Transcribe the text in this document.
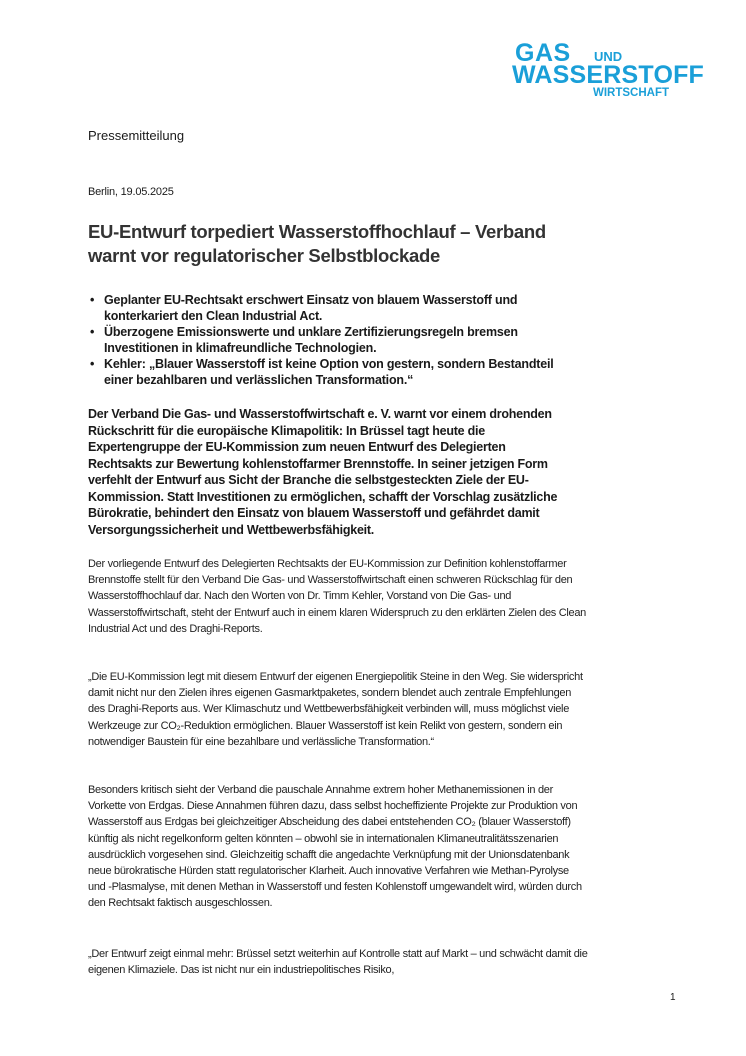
GAS UND
WASSERSTOFF
WIRTSCHAFT
Pressemitteilung
Berlin, 19.05.2025
EU-Entwurf torpediert Wasserstoffhochlauf – Verband warnt vor regulatorischer Selbstblockade
• Geplanter EU-Rechtsakt erschwert Einsatz von blauem Wasserstoff und konterkariert den Clean Industrial Act.
• Überzogene Emissionswerte und unklare Zertifizierungsregeln bremsen Investitionen in klimafreundliche Technologien.
• Kehler: „Blauer Wasserstoff ist keine Option von gestern, sondern Bestandteil einer bezahlbaren und verlässlichen Transformation.“

Der Verband Die Gas- und Wasserstoffwirtschaft e. V. warnt vor einem drohenden Rückschritt für die europäische Klimapolitik: In Brüssel tagt heute die Expertengruppe der EU-Kommission zum neuen Entwurf des Delegierten Rechtsakts zur Bewertung kohlenstoffarmer Brennstoffe. In seiner jetzigen Form verfehlt der Entwurf aus Sicht der Branche die selbstgesteckten Ziele der EU-Kommission. Statt Investitionen zu ermöglichen, schafft der Vorschlag zusätzliche Bürokratie, behindert den Einsatz von blauem Wasserstoff und gefährdet damit Versorgungssicherheit und Wettbewerbsfähigkeit.

Der vorliegende Entwurf des Delegierten Rechtsakts der EU-Kommission zur Definition kohlenstoffarmer Brennstoffe stellt für den Verband Die Gas- und Wasserstoffwirtschaft einen schweren Rückschlag für den Wasserstoffhochlauf dar. Nach den Worten von Dr. Timm Kehler, Vorstand von Die Gas- und Wasserstoffwirtschaft, steht der Entwurf auch in einem klaren Widerspruch zu den erklärten Zielen des Clean Industrial Act und des Draghi-Reports.

„Die EU-Kommission legt mit diesem Entwurf der eigenen Energiepolitik Steine in den Weg. Sie widerspricht damit nicht nur den Zielen ihres eigenen Gasmarktpaketes, sondern blendet auch zentrale Empfehlungen des Draghi-Reports aus. Wer Klimaschutz und Wettbewerbsfähigkeit verbinden will, muss möglichst viele Werkzeuge zur CO₂-Reduktion ermöglichen. Blauer Wasserstoff ist kein Relikt von gestern, sondern ein notwendiger Baustein für eine bezahlbare und verlässliche Transformation.“

Besonders kritisch sieht der Verband die pauschale Annahme extrem hoher Methanemissionen in der Vorkette von Erdgas. Diese Annahmen führen dazu, dass selbst hocheffiziente Projekte zur Produktion von Wasserstoff aus Erdgas bei gleichzeitiger Abscheidung des dabei entstehenden CO₂ (blauer Wasserstoff) künftig als nicht regelkonform gelten könnten – obwohl sie in internationalen Klimaneutralitätsszenarien ausdrücklich vorgesehen sind. Gleichzeitig schafft die angedachte Verknüpfung mit der Unionsdatenbank neue bürokratische Hürden statt regulatorischer Klarheit. Auch innovative Verfahren wie Methan-Pyrolyse und -Plasmalyse, mit denen Methan in Wasserstoff und festen Kohlenstoff umgewandelt wird, würden durch den Rechtsakt faktisch ausgeschlossen.

„Der Entwurf zeigt einmal mehr: Brüssel setzt weiterhin auf Kontrolle statt auf Markt – und schwächt damit die eigenen Klimaziele. Das ist nicht nur ein industriepolitisches Risiko,

1
